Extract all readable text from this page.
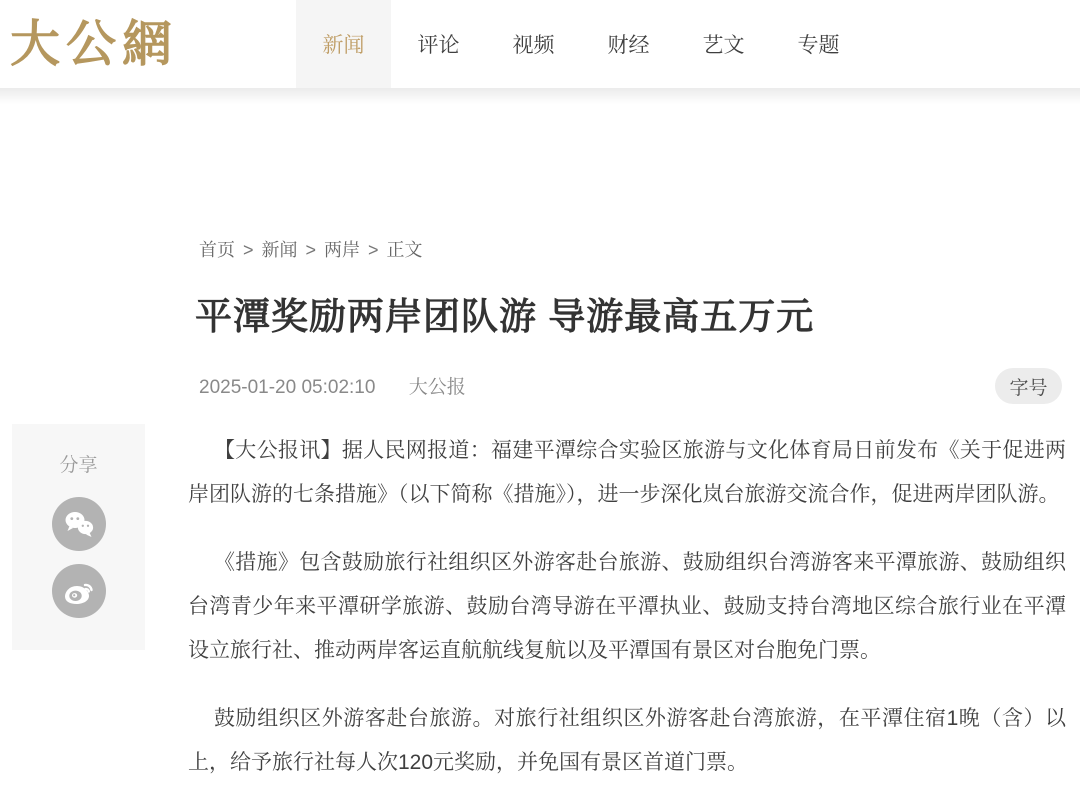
大公網	新闻	评论	视频	财经	艺文	专题
首页 > 新闻 > 两岸 > 正文
平潭奖励两岸团队游 导游最高五万元
2025-01-20 05:02:10 大公报	字号
分享

【大公报讯】据人民网报道：福建平潭综合实验区旅游与文化体育局日前发布《关于促进两岸团队游的七条措施》（以下简称《措施》），进一步深化岚台旅游交流合作，促进两岸团队游。

《措施》包含鼓励旅行社组织区外游客赴台旅游、鼓励组织台湾游客来平潭旅游、鼓励组织台湾青少年来平潭研学旅游、鼓励台湾导游在平潭执业、鼓励支持台湾地区综合旅行业在平潭设立旅行社、推动两岸客运直航航线复航以及平潭国有景区对台胞免门票。

鼓励组织区外游客赴台旅游。对旅行社组织区外游客赴台湾旅游，在平潭住宿1晚（含）以上，给予旅行社每人次120元奖励，并免国有景区首道门票。
